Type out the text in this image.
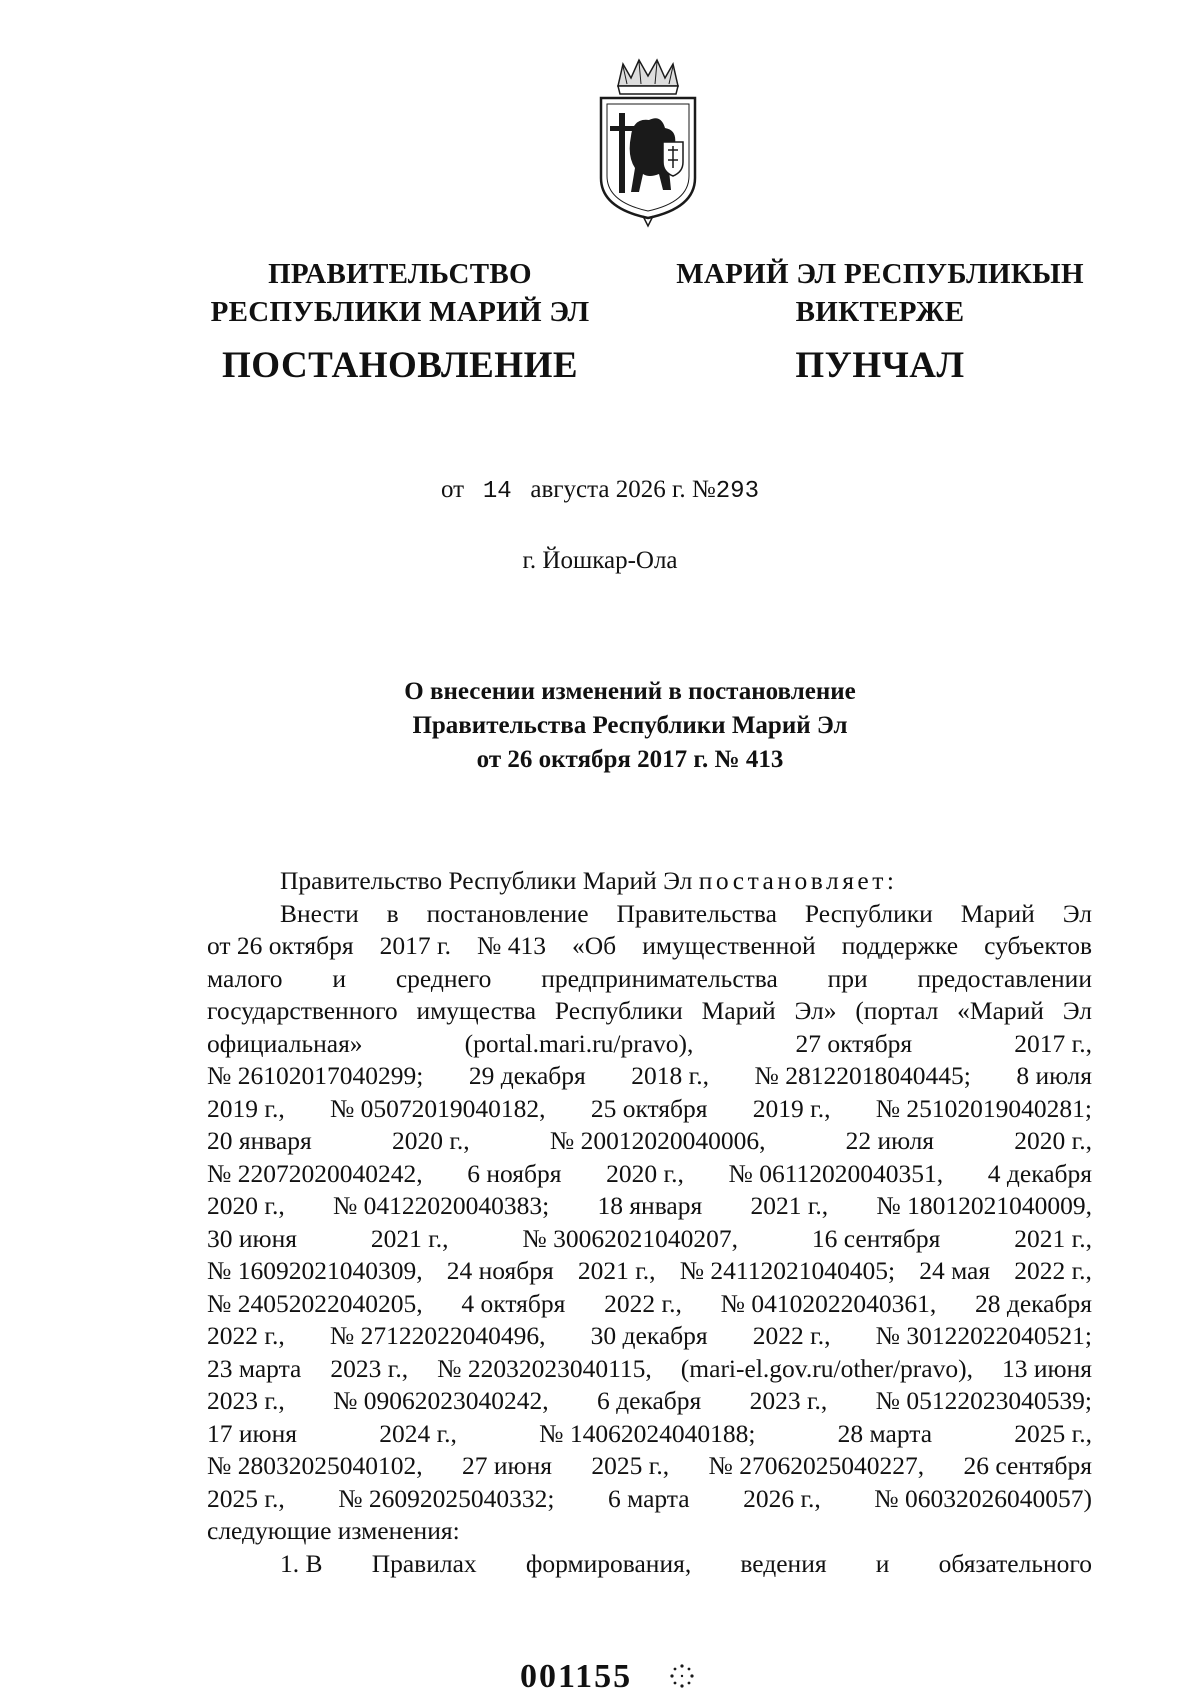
ПРАВИТЕЛЬСТВО
РЕСПУБЛИКИ МАРИЙ ЭЛ
ПОСТАНОВЛЕНИЕ
МАРИЙ ЭЛ РЕСПУБЛИКЫН
ВИКТЕРЖЕ
ПУНЧАЛ
от 14 августа 2026 г. №293
г. Йошкар-Ола
О внесении изменений в постановление
Правительства Республики Марий Эл
от 26 октября 2017 г. № 413

Правительство Республики Марий Эл постановляет:

Внести в постановление Правительства Республики Марий Эл
от 26 октября 2017 г. № 413 «Об имущественной поддержке субъектов
малого и среднего предпринимательства при предоставлении
государственного имущества Республики Марий Эл» (портал «Марий Эл
официальная»	(portal.mari.ru/pravo),	27 октября	2017 г.,
№ 26102017040299; 29 декабря 2018 г., № 28122018040445; 8 июля
2019 г., № 05072019040182, 25 октября 2019 г., № 25102019040281;
20 января	2020 г.,	№ 20012020040006,	22 июля	2020 г.,
№ 22072020040242, 6 ноября 2020 г., № 06112020040351, 4 декабря
2020 г., № 04122020040383; 18 января 2021 г., № 18012021040009,
30 июня	2021 г.,	№ 30062021040207,	16 сентября	2021 г.,
№ 16092021040309, 24 ноября 2021 г., № 24112021040405; 24 мая 2022 г.,
№ 24052022040205, 4 октября 2022 г., № 04102022040361, 28 декабря
2022 г., № 27122022040496, 30 декабря 2022 г., № 30122022040521;
23 марта 2023 г., № 22032023040115, (mari-el.gov.ru/other/pravo), 13 июня
2023 г., № 09062023040242, 6 декабря 2023 г., № 05122023040539;
17 июня	2024 г.,	№ 14062024040188;	28 марта	2025 г.,
№ 28032025040102, 27 июня 2025 г., № 27062025040227, 26 сентября
2025 г., № 26092025040332; 6 марта 2026 г., № 06032026040057)
следующие изменения:
1. В Правилах формирования, ведения и обязательного
001155
